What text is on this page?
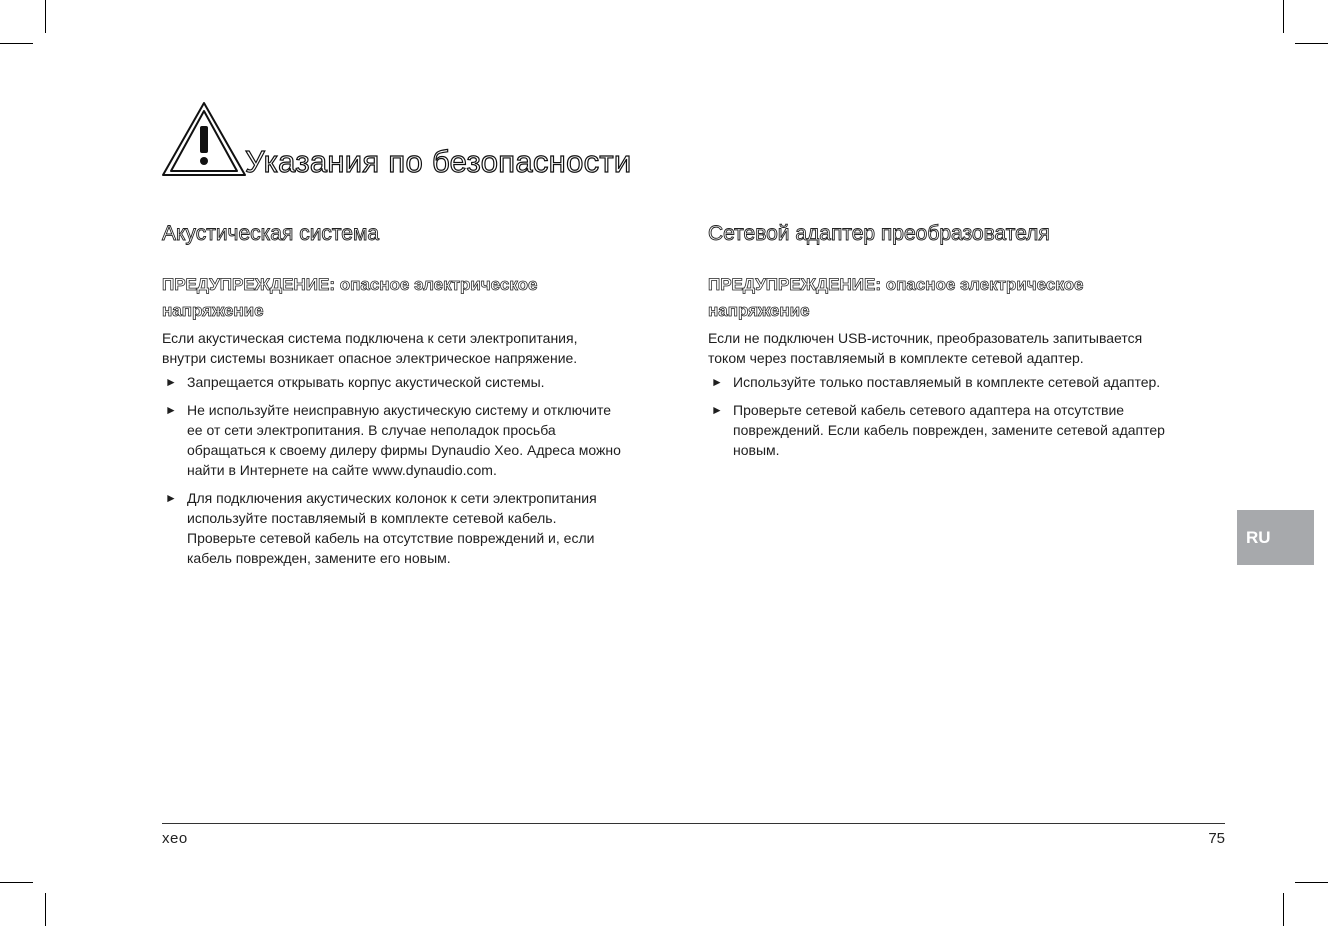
Указания по безопасности
Акустическая система
ПРЕДУПРЕЖДЕНИЕ: опасное электрическое
напряжение
Если акустическая система подключена к сети электропитания,
внутри системы возникает опасное электрическое напряжение.
► Запрещается открывать корпус акустической системы.
► Не используйте неисправную акустическую систему и отключите
ее от сети электропитания. В случае неполадок просьба
обращаться к своему дилеру фирмы Dynaudio Xeo. Адреса можно
найти в Интернете на сайте www.dynaudio.com.
► Для подключения акустических колонок к сети электропитания
используйте поставляемый в комплекте сетевой кабель.
Проверьте сетевой кабель на отсутствие повреждений и, если
кабель поврежден, замените его новым.
Сетевой адаптер преобразователя
ПРЕДУПРЕЖДЕНИЕ: опасное электрическое
напряжение
Если не подключен USB-источник, преобразователь запитывается
током через поставляемый в комплекте сетевой адаптер.
► Используйте только поставляемый в комплекте сетевой адаптер.
► Проверьте сетевой кабель сетевого адаптера на отсутствие
повреждений. Если кабель поврежден, замените сетевой адаптер
новым.
RU
xeo	75
